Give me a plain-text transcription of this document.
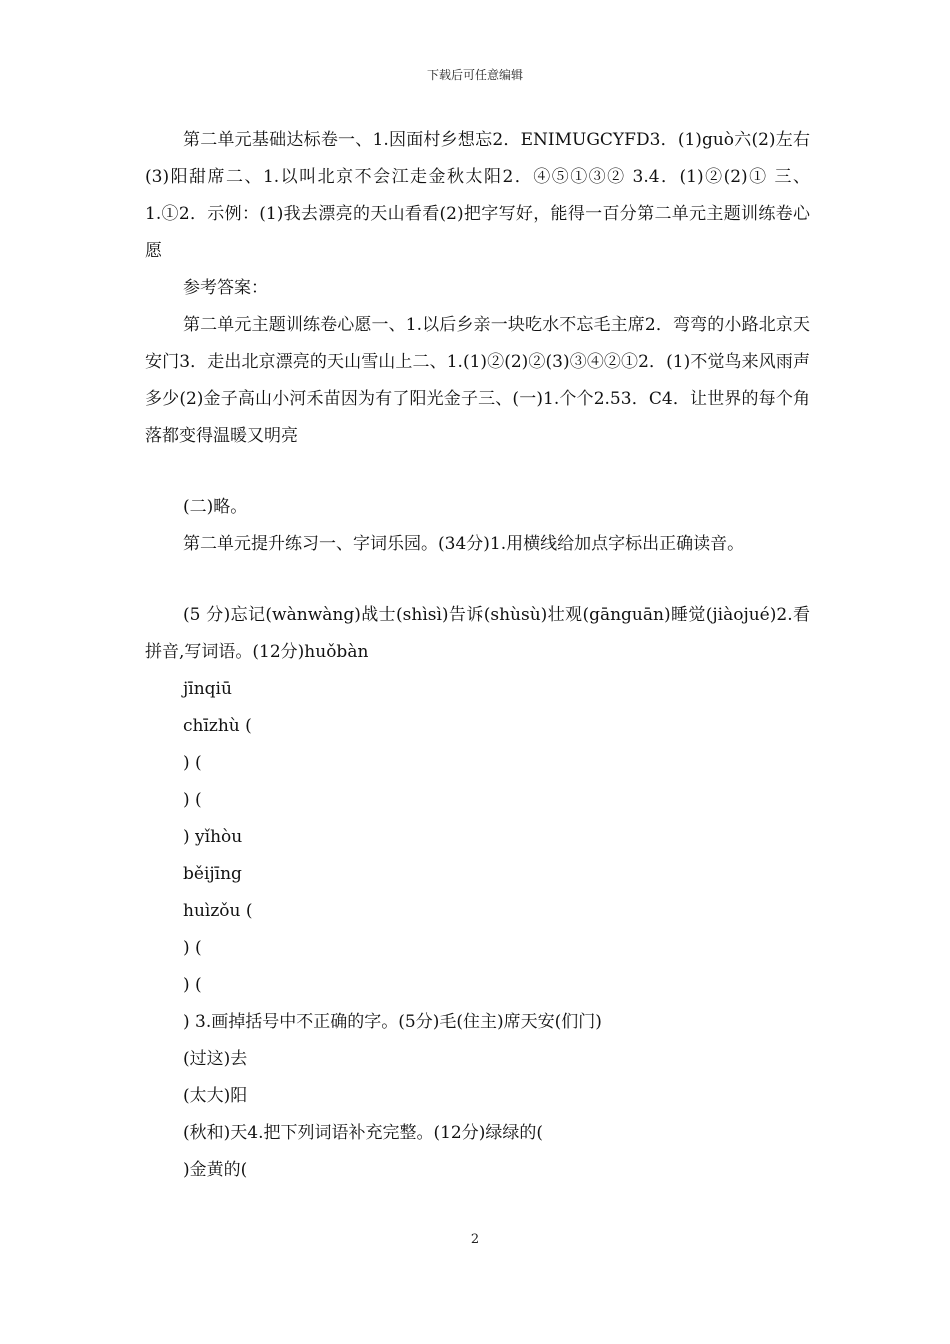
下载后可任意编辑

第二单元基础达标卷一、1.因面村乡想忘2．ENIMUGCYFD3．(1)guò六(2)左右(3)阳甜席二、1.以叫北京不会江走金秋太阳2．④⑤①③② 3.4．(1)②(2)① 三、1.①2．示例：(1)我去漂亮的天山看看(2)把字写好，能得一百分第二单元主题训练卷心愿

参考答案：

第二单元主题训练卷心愿一、1.以后乡亲一块吃水不忘毛主席2．弯弯的小路北京天安门3．走出北京漂亮的天山雪山上二、1.(1)②(2)②(3)③④②①2．(1)不觉鸟来风雨声多少(2)金子高山小河禾苗因为有了阳光金子三、(一)1.个个2.53．C4．让世界的每个角落都变得温暖又明亮

(二)略。

第二单元提升练习一、字词乐园。(34分)1.用横线给加点字标出正确读音。

(5 分)忘记(wànwàng)战士(shìsì)告诉(shùsù)壮观(gānguān)睡觉(jiàojué)2.看拼音,写词语。(12分)huǒbàn

jīnqiū

chīzhù (

) (

) (

) yǐhòu

běijīng

huìzǒu (

) (

) (

) 3.画掉括号中不正确的字。(5分)毛(住主)席天安(们门)

(过这)去

(太大)阳

(秋和)天4.把下列词语补充完整。(12分)绿绿的(

)金黄的(

2
